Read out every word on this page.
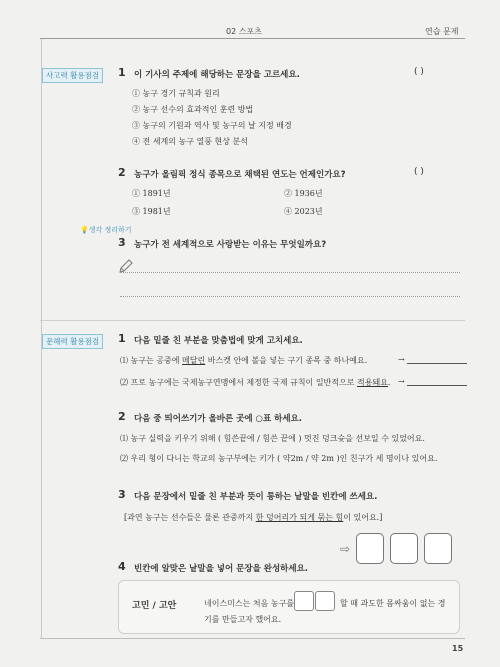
02 스포츠	연습 문제
사고력 활용점검	1 이 기사의 주제에 해당하는 문장을 고르세요.	( )
① 농구 경기 규칙과 원리
② 농구 선수의 효과적인 훈련 방법
③ 농구의 기원과 역사 및 농구의 날 지정 배경
④ 전 세계의 농구 열풍 현상 분석
2 농구가 올림픽 정식 종목으로 채택된 연도는 언제인가요?	( )
① 1891년	② 1936년
③ 1981년	④ 2023년
💡생각 정리하기
3 농구가 전 세계적으로 사랑받는 이유는 무엇일까요?
문해력 활용점검	1 다음 밑줄 친 부분을 맞춤법에 맞게 고치세요.
⑴ 농구는 공중에 메달린 바스켓 안에 볼을 넣는 구기 종목 중 하나예요.	→
⑵ 프로 농구에는 국제농구연맹에서 제정한 국제 규칙이 일반적으로 적용돼요. →
2 다음 중 띄어쓰기가 올바른 곳에 ○표 하세요.
⑴ 농구 실력을 키우기 위해 ( 힘쓴끝에 / 힘쓴 끝에 ) 멋진 덩크슛을 선보일 수 있었어요.
⑵ 우리 형이 다니는 학교의 농구부에는 키가 ( 약2m / 약 2m )인 친구가 세 명이나 있어요.
3 다음 문장에서 밑줄 친 부분과 뜻이 통하는 낱말을 빈칸에 쓰세요.
[과연 농구는 선수들은 물론 관중까지 한 덩어리가 되게 묶는 힘이 있어요.]
⇨
4 빈칸에 알맞은 낱말을 넣어 문장을 완성하세요.
고민 / 고안	네이스미스는 처음 농구를	할 때 과도한 몸싸움이 없는 경
기를 만들고자 했어요.
15
